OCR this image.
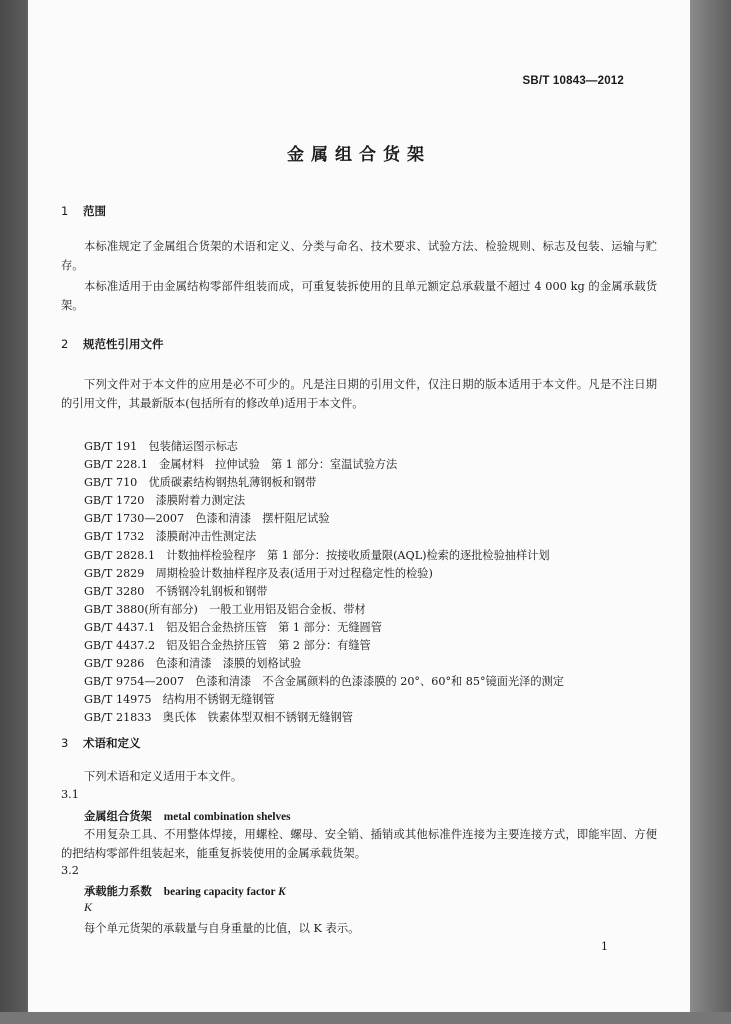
SB/T 10843—2012
金属组合货架
1 范围
本标准规定了金属组合货架的术语和定义、分类与命名、技术要求、试验方法、检验规则、标志及包装、运输与贮存。
本标准适用于由金属结构零部件组装而成，可重复装拆使用的且单元额定总承载量不超过 4 000 kg 的金属承载货架。
2 规范性引用文件
下列文件对于本文件的应用是必不可少的。凡是注日期的引用文件，仅注日期的版本适用于本文件。凡是不注日期的引用文件，其最新版本(包括所有的修改单)适用于本文件。
GB/T 191　包装储运图示标志
GB/T 228.1　金属材料　拉伸试验　第 1 部分：室温试验方法
GB/T 710　优质碳素结构钢热轧薄钢板和钢带
GB/T 1720　漆膜附着力测定法
GB/T 1730—2007　色漆和清漆　摆杆阻尼试验
GB/T 1732　漆膜耐冲击性测定法
GB/T 2828.1　计数抽样检验程序　第 1 部分：按接收质量限(AQL)检索的逐批检验抽样计划
GB/T 2829　周期检验计数抽样程序及表(适用于对过程稳定性的检验)
GB/T 3280　不锈钢冷轧钢板和钢带
GB/T 3880(所有部分)　一般工业用铝及铝合金板、带材
GB/T 4437.1　铝及铝合金热挤压管　第 1 部分：无缝圆管
GB/T 4437.2　铝及铝合金热挤压管　第 2 部分：有缝管
GB/T 9286　色漆和清漆　漆膜的划格试验
GB/T 9754—2007　色漆和清漆　不含金属颜料的色漆漆膜的 20°、60°和 85°镜面光泽的测定
GB/T 14975　结构用不锈钢无缝钢管
GB/T 21833　奥氏体　铁素体型双相不锈钢无缝钢管
3 术语和定义
下列术语和定义适用于本文件。
3.1
金属组合货架 metal combination shelves
不用复杂工具、不用整体焊接，用螺栓、螺母、安全销、插销或其他标准件连接为主要连接方式，即能牢固、方便的把结构零部件组装起来，能重复拆装使用的金属承载货架。
3.2
承载能力系数 bearing capacity factor K
K
每个单元货架的承载量与自身重量的比值，以 K 表示。
1
